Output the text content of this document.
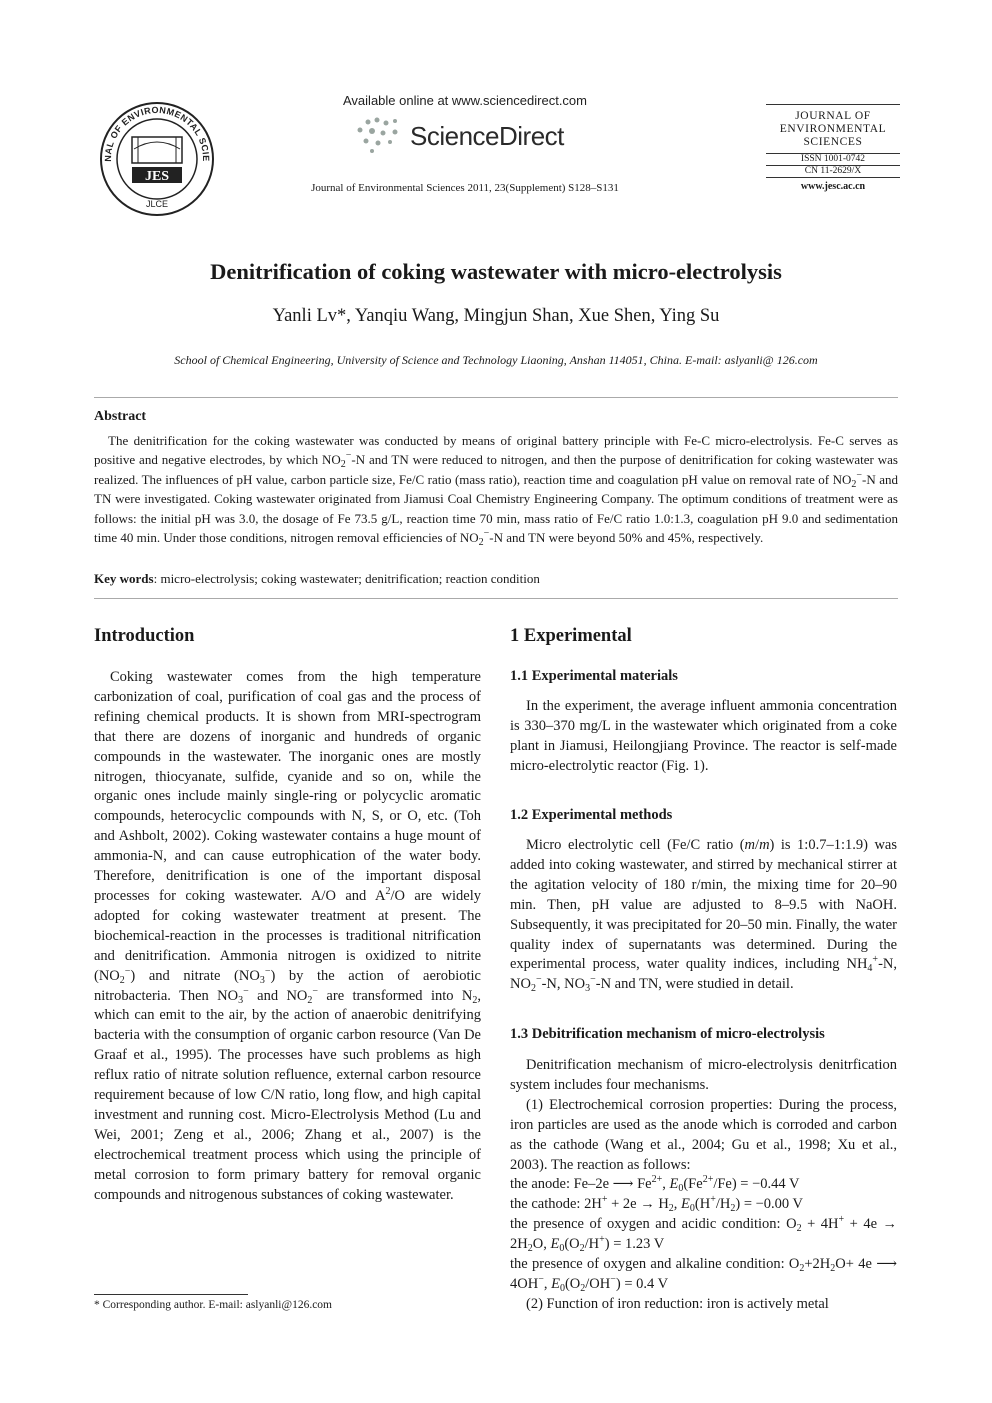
NAL OF ENVIRONMENTAL SCIE
JES
JLCE
Available online at www.sciencedirect.com
ScienceDirect
Journal of Environmental Sciences 2011, 23(Supplement) S128–S131
JOURNAL OF
ENVIRONMENTAL
SCIENCES
ISSN 1001-0742
CN 11-2629/X
www.jesc.ac.cn
Denitrification of coking wastewater with micro-electrolysis
Yanli Lv*, Yanqiu Wang, Mingjun Shan, Xue Shen, Ying Su
School of Chemical Engineering, University of Science and Technology Liaoning, Anshan 114051, China. E-mail: aslyanli@ 126.com
Abstract

The denitrification for the coking wastewater was conducted by means of original battery principle with Fe-C micro-electrolysis. Fe-C serves as positive and negative electrodes, by which $NO_2^--N$ and TN were reduced to nitrogen, and then the purpose of denitrification for coking wastewater was realized. The influences of pH value, carbon particle size, Fe/C ratio (mass ratio), reaction time and coagulation pH value on removal rate of $NO_2^--N$ and TN were investigated. Coking wastewater originated from Jiamusi Coal Chemistry Engineering Company. The optimum conditions of treatment were as follows: the initial pH was 3.0, the dosage of Fe 73.5 g/L, reaction time 70 min, mass ratio of Fe/C ratio 1.0:1.3, coagulation pH 9.0 and sedimentation time 40 min. Under those conditions, nitrogen removal efficiencies of $NO_2^--N$ and TN were beyond 50% and 45%, respectively.

Key words: micro-electrolysis; coking wastewater; denitrification; reaction condition
Introduction

Coking wastewater comes from the high temperature carbonization of coal, purification of coal gas and the process of refining chemical products. It is shown from MRI-spectrogram that there are dozens of inorganic and hundreds of organic compounds in the wastewater. The inorganic ones are mostly nitrogen, thiocyanate, sulfide, cyanide and so on, while the organic ones include mainly single-ring or polycyclic aromatic compounds, heterocyclic compounds with N, S, or O, etc. (Toh and Ashbolt, 2002). Coking wastewater contains a huge mount of ammonia-N, and can cause eutrophication of the water body. Therefore, denitrification is one of the important disposal processes for coking wastewater. A/O and $A^2/O$ are widely adopted for coking wastewater treatment at present. The biochemical-reaction in the processes is traditional nitrification and denitrification. Ammonia nitrogen is oxidized to nitrite $(NO_2^-)$ and nitrate $(NO_3^-)$ by the action of aerobiotic nitrobacteria. Then $NO_3^-$ and $NO_2^-$ are transformed into $N_2$, which can emit to the air, by the action of anaerobic denitrifying bacteria with the consumption of organic carbon resource (Van De Graaf et al., 1995). The processes have such problems as high reflux ratio of nitrate solution refluence, external carbon resource requirement because of low C/N ratio, long flow, and high capital investment and running cost. Micro-Electrolysis Method (Lu and Wei, 2001; Zeng et al., 2006; Zhang et al., 2007) is the electrochemical treatment process which using the principle of metal corrosion to form primary battery for removal organic compounds and nitrogenous substances of coking wastewater.

* Corresponding author. E-mail: aslyanli@126.com
1 Experimental
1.1 Experimental materials

In the experiment, the average influent ammonia concentration is 330–370 mg/L in the wastewater which originated from a coke plant in Jiamusi, Heilongjiang Province. The reactor is self-made micro-electrolytic reactor (Fig. 1).

1.2 Experimental methods

Micro electrolytic cell (Fe/C ratio (m/m) is 1:0.7–1:1.9) was added into coking wastewater, and stirred by mechanical stirrer at the agitation velocity of 180 r/min, the mixing time for 20–90 min. Then, pH value are adjusted to 8–9.5 with NaOH. Subsequently, it was precipitated for 20–50 min. Finally, the water quality index of supernatants was determined. During the experimental process, water quality indices, including $NH_4^+-N$, $NO_2^--N$, $NO_3^--N$ and TN, were studied in detail.

1.3 Debitrification mechanism of micro-electrolysis

Denitrification mechanism of micro-electrolysis denitrfication system includes four mechanisms.

(1) Electrochemical corrosion properties: During the process, iron particles are used as the anode which is corroded and carbon as the cathode (Wang et al., 2004; Gu et al., 1998; Xu et al., 2003). The reaction as follows:

the anode: Fe–2e ⟶ $Fe^{2+}$, $E_0(Fe^{2+}/Fe) = -0.44$ V

the cathode: $2H^+ + 2e \to H_2$, $E_0(H^+/H_2) = -0.00$ V

the presence of oxygen and acidic condition: $O_2 + 4H^+ + 4e \to 2H_2O$, $E_0(O_2/H^+) = 1.23$ V

the presence of oxygen and alkaline condition: $O_2+2H_2O+ 4e$ ⟶ 4OH−, $E_0(O_2/OH^-) = 0.4$ V

(2) Function of iron reduction: iron is actively metal
